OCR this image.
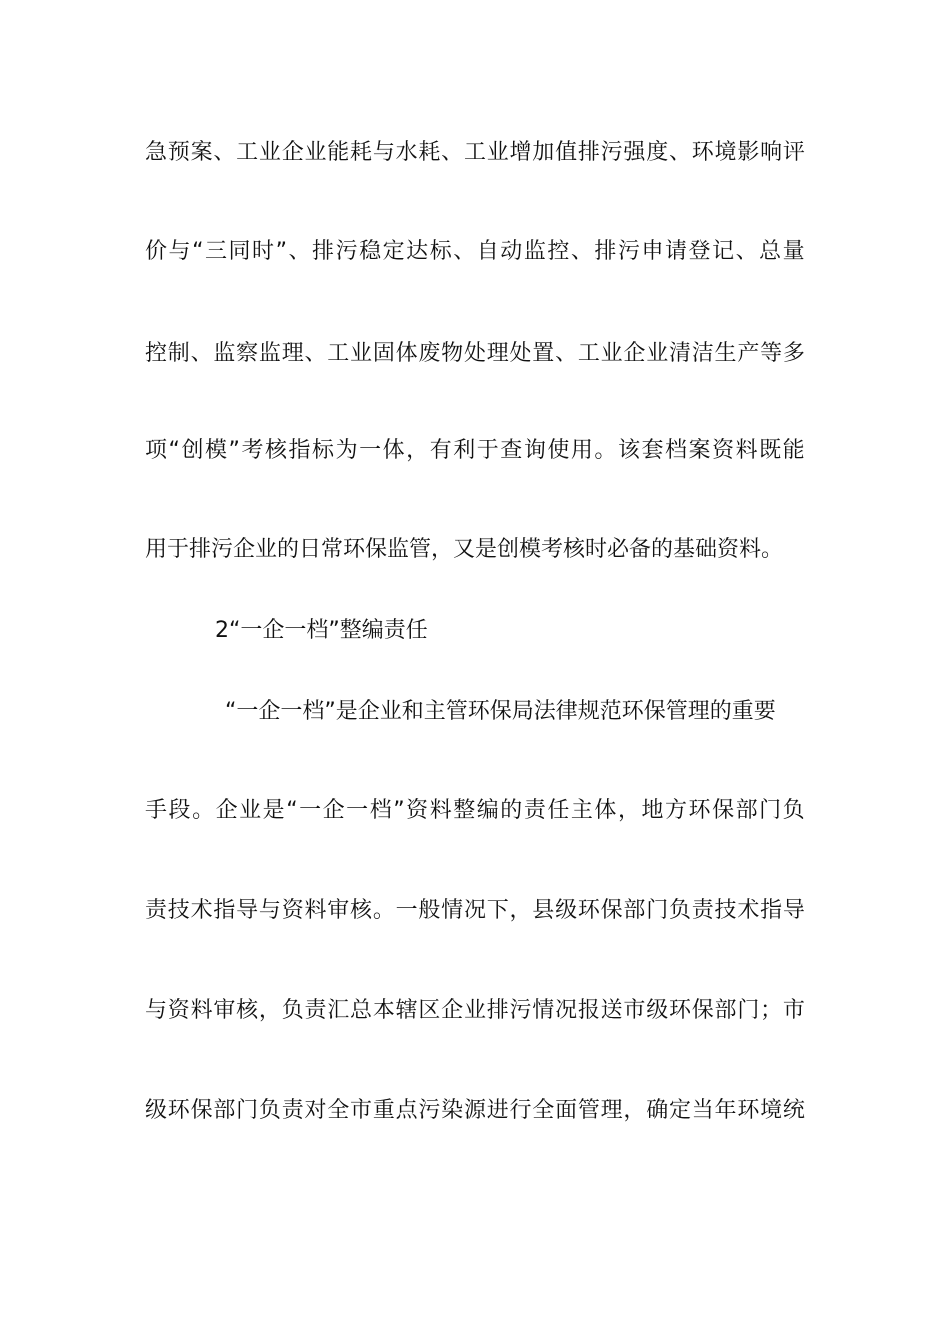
急 预 案 、 工 业 企 业 能 耗 与 水 耗 、 工 业 增 加 值 排 污 强 度 、 环 境 影 响 评
价 与 “ 三 同 时 ” 、 排 污 稳 定 达 标 、 自 动 监 控 、 排 污 申 请 登 记 、 总 量
控 制 、 监 察 监 理 、 工 业 固 体 废 物 处 理 处 置 、 工 业 企 业 清 洁 生 产 等 多
项 “ 创 模 ” 考 核 指 标 为 一 体 ， 有 利 于 查 询 使 用 。 该 套 档 案 资 料 既 能
用于排污企业的日常环保监管，又是创模考核时必备的基础资料。
2“一企一档”整编责任
“一企一档”是企业和主管环保局法律规范环保管理的重要
手 段 。 企 业 是 “ 一 企 一 档 ” 资 料 整 编 的 责 任 主 体 ， 地 方 环 保 部 门 负
责 技 术 指 导 与 资 料 审 核 。 一 般 情 况 下 ， 县 级 环 保 部 门 负 责 技 术 指 导
与 资 料 审 核 ， 负 责 汇 总 本 辖 区 企 业 排 污 情 况 报 送 市 级 环 保 部 门 ； 市
级 环 保 部 门 负 责 对 全 市 重 点 污 染 源 进 行 全 面 管 理 ， 确 定 当 年 环 境 统
